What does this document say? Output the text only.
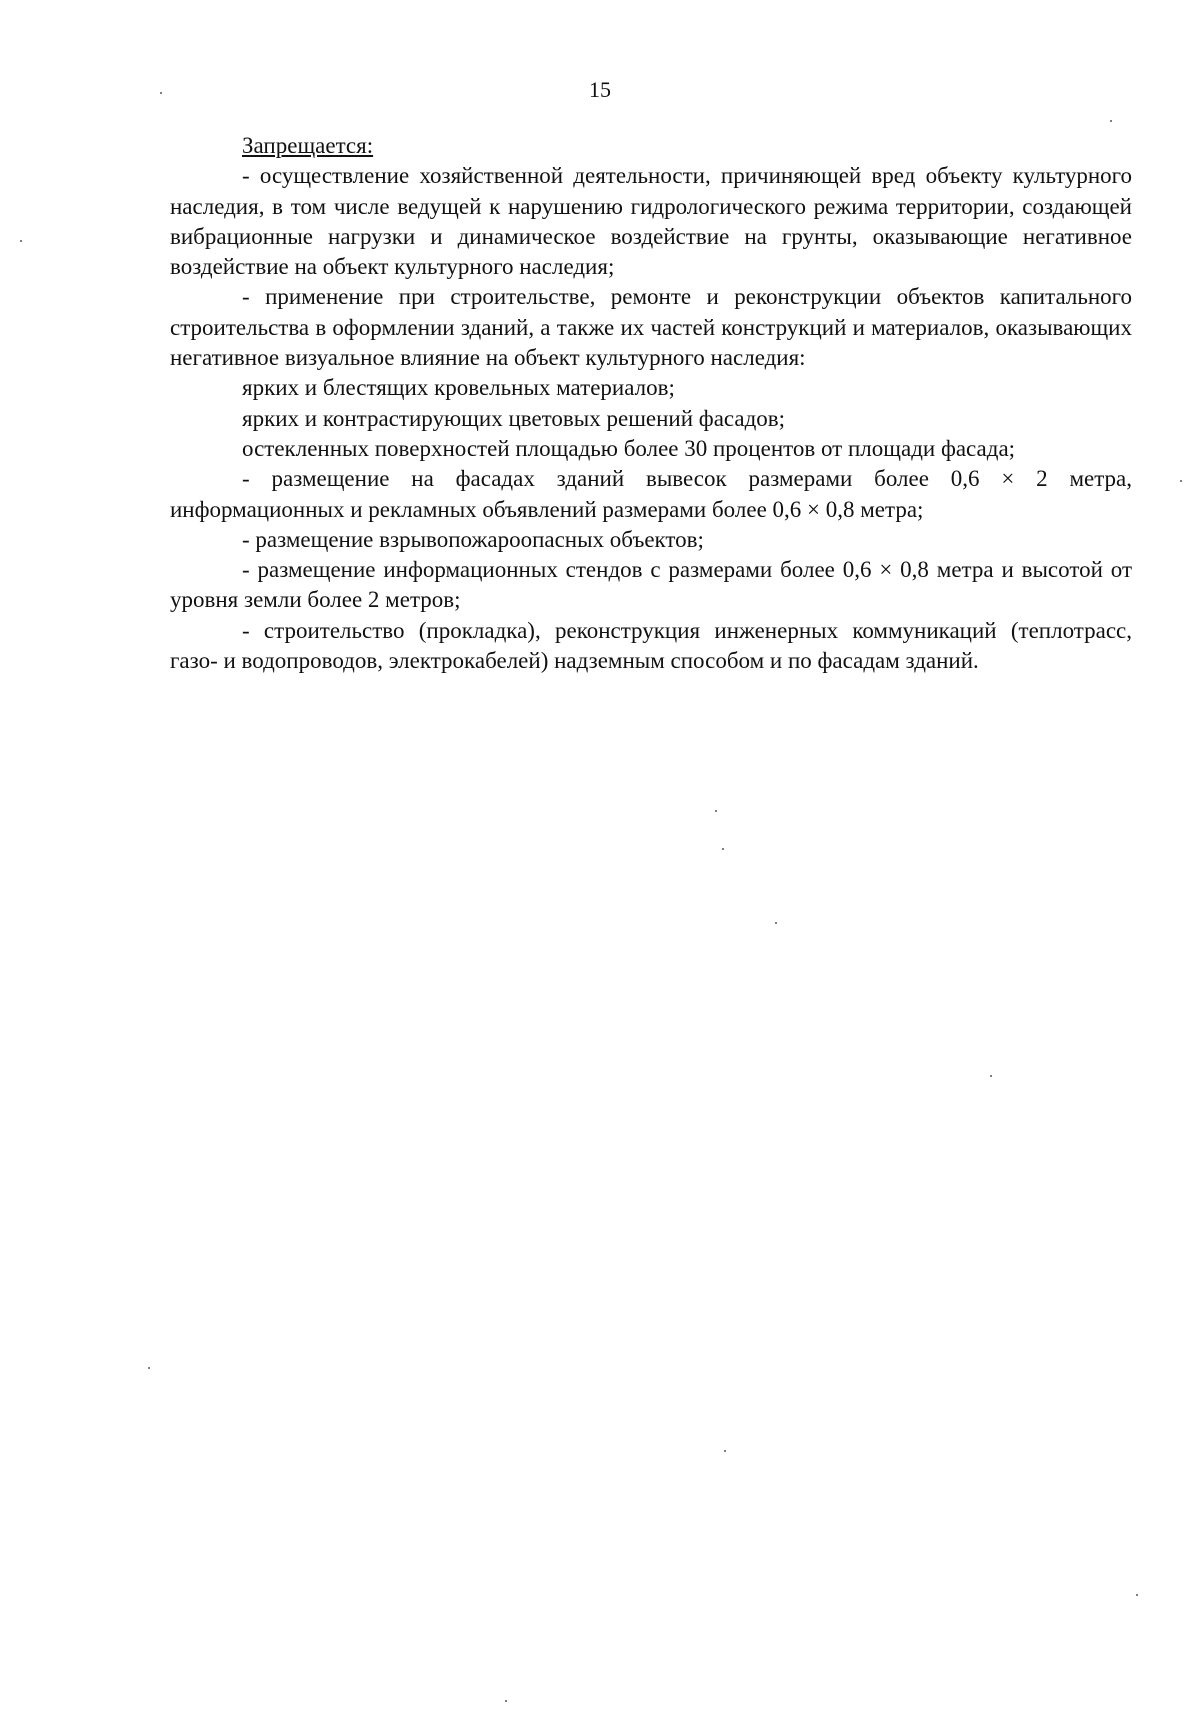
15

Запрещается:

- осуществление хозяйственной деятельности, причиняющей вред объекту культурного наследия, в том числе ведущей к нарушению гидрологического режима территории, создающей вибрационные нагрузки и динамическое воздействие на грунты, оказывающие негативное воздействие на объект культурного наследия;

- применение при строительстве, ремонте и реконструкции объектов капитального строительства в оформлении зданий, а также их частей конструкций и материалов, оказывающих негативное визуальное влияние на объект культурного наследия:

ярких и блестящих кровельных материалов;

ярких и контрастирующих цветовых решений фасадов;

остекленных поверхностей площадью более 30 процентов от площади фасада;

- размещение на фасадах зданий вывесок размерами более 0,6 × 2 метра, информационных и рекламных объявлений размерами более 0,6 × 0,8 метра;

- размещение взрывопожароопасных объектов;

- размещение информационных стендов с размерами более 0,6 × 0,8 метра и высотой от уровня земли более 2 метров;

- строительство (прокладка), реконструкция инженерных коммуникаций (теплотрасс, газо- и водопроводов, электрокабелей) надземным способом и по фасадам зданий.
